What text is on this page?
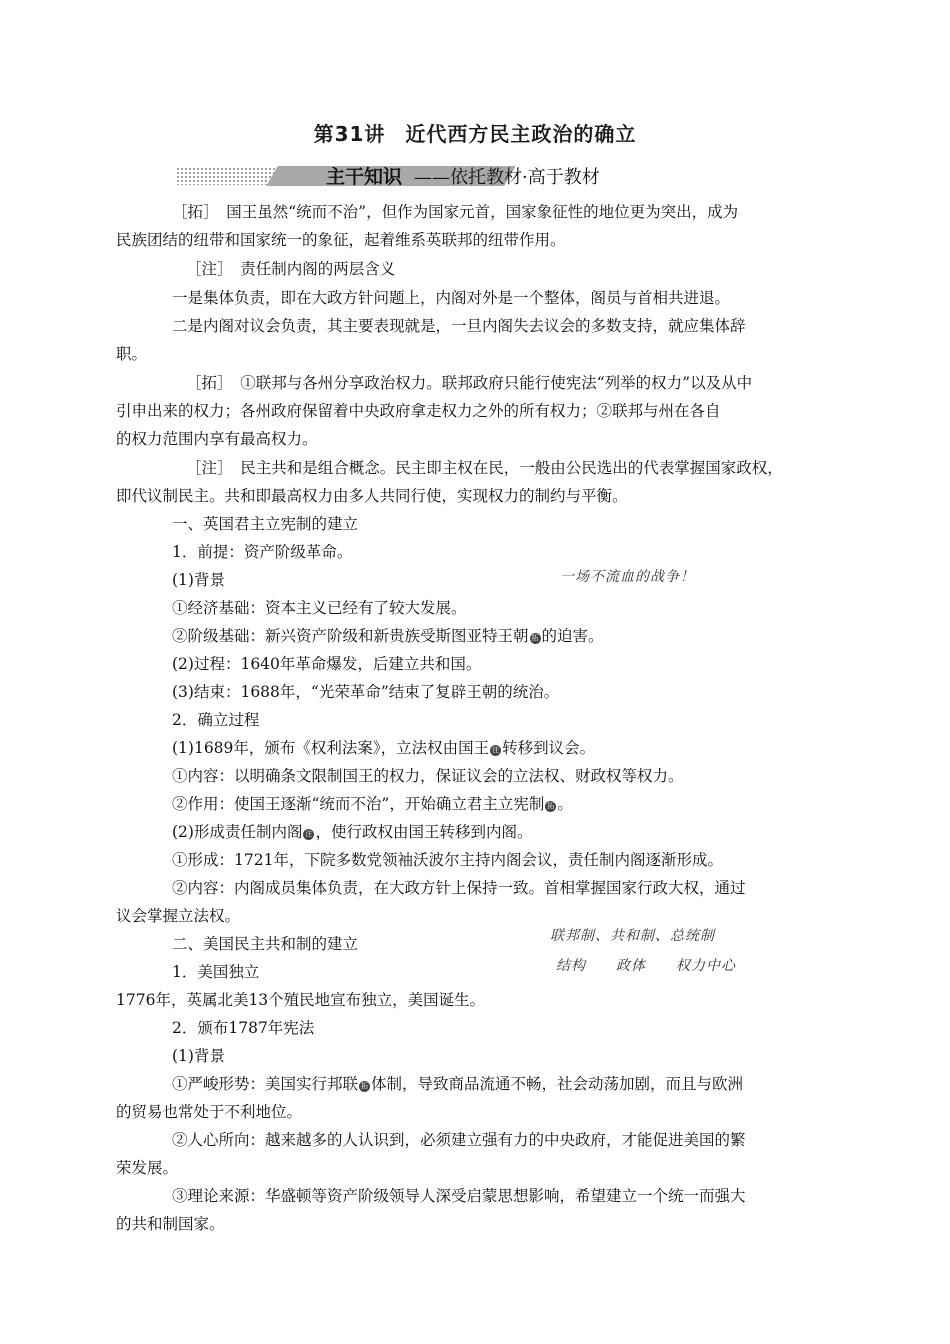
第31讲 近代西方民主政治的确立
主干知识 ——依托教材·高于教材

［拓］　国王虽然“统而不治”，但作为国家元首，国家象征性的地位更为突出，成为

民族团结的纽带和国家统一的象征，起着维系英联邦的纽带作用。

［注］　责任制内阁的两层含义

一是集体负责，即在大政方针问题上，内阁对外是一个整体，阁员与首相共进退。

二是内阁对议会负责，其主要表现就是，一旦内阁失去议会的多数支持，就应集体辞

职。

［拓］　①联邦与各州分享政治权力。联邦政府只能行使宪法“列举的权力”以及从中

引申出来的权力；各州政府保留着中央政府拿走权力之外的所有权力；②联邦与州在各自

的权力范围内享有最高权力。

［注］　民主共和是组合概念。民主即主权在民，一般由公民选出的代表掌握国家政权，

即代议制民主。共和即最高权力由多人共同行使，实现权力的制约与平衡。

一、英国君主立宪制的建立

1．前提：资产阶级革命。

(1)背景	一场不流血的战争！

①经济基础：资本主义已经有了较大发展。

②阶级基础：新兴资产阶级和新贵族受斯图亚特王朝 拓 的迫害。

(2)过程：1640年革命爆发，后建立共和国。

(3)结束：1688年，“光荣革命”结束了复辟王朝的统治。

2．确立过程

(1)1689年，颁布《权利法案》，立法权由国王 注 转移到议会。

①内容：以明确条文限制国王的权力，保证议会的立法权、财政权等权力。

②作用：使国王逐渐“统而不治”，开始确立君主立宪制 拓 。

(2)形成责任制内阁 注 ，使行政权由国王转移到内阁。

①形成：1721年，下院多数党领袖沃波尔主持内阁会议，责任制内阁逐渐形成。

②内容：内阁成员集体负责，在大政方针上保持一致。首相掌握国家行政大权，通过

议会掌握立法权。

二、美国民主共和制的建立	联邦制、共和制、总统制
结构　　政体　　权力中心

1．美国独立

1776年，英属北美13个殖民地宣布独立，美国诞生。

2．颁布1787年宪法

(1)背景

①严峻形势：美国实行邦联 拓 体制，导致商品流通不畅，社会动荡加剧，而且与欧洲

的贸易也常处于不利地位。

②人心所向：越来越多的人认识到，必须建立强有力的中央政府，才能促进美国的繁

荣发展。

③理论来源：华盛顿等资产阶级领导人深受启蒙思想影响，希望建立一个统一而强大

的共和制国家。
